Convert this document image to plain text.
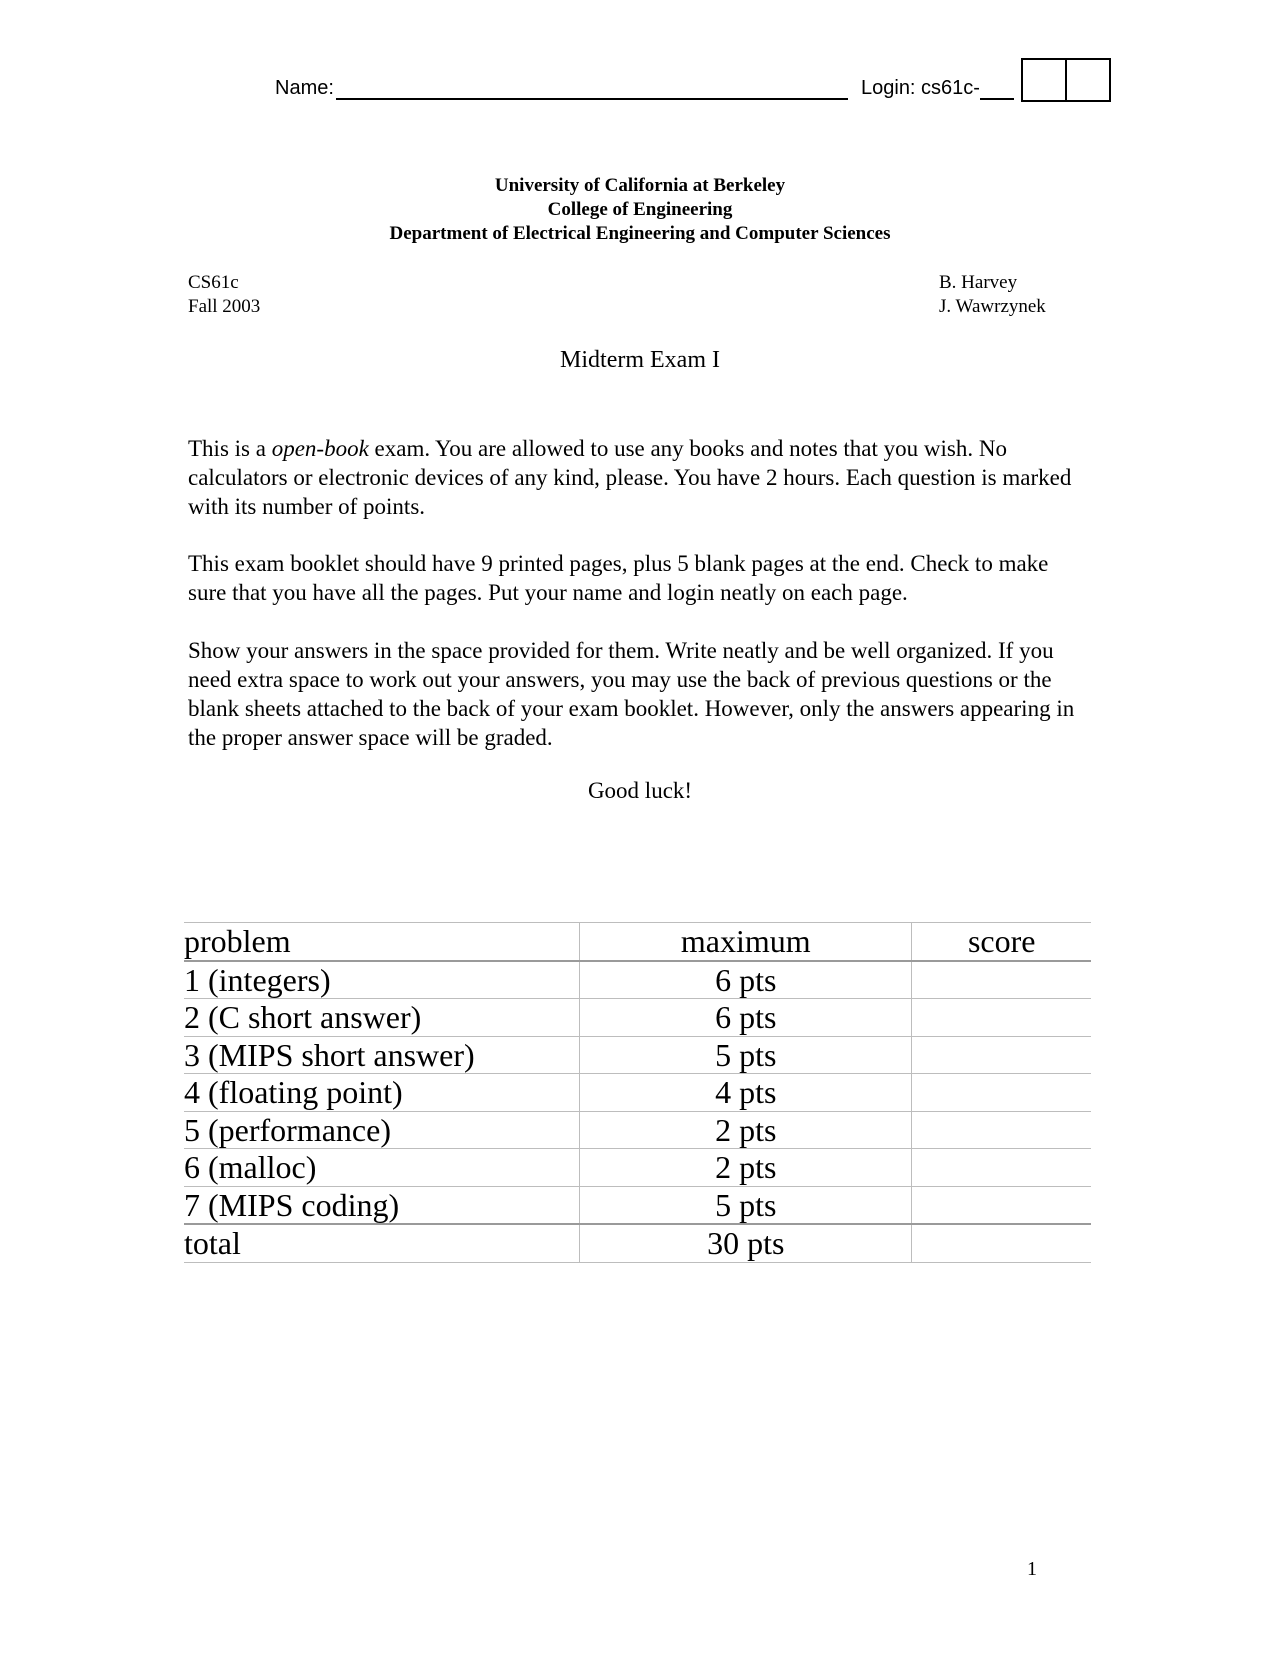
Name:	Login: cs61c-
University of California at Berkeley
College of Engineering
Department of Electrical Engineering and Computer Sciences
CS61c
Fall 2003
B. Harvey
J. Wawrzynek
Midterm Exam I

This is a open-book exam. You are allowed to use any books and notes that you wish. No calculators or electronic devices of any kind, please. You have 2 hours. Each question is marked with its number of points.

This exam booklet should have 9 printed pages, plus 5 blank pages at the end. Check to make sure that you have all the pages. Put your name and login neatly on each page.

Show your answers in the space provided for them. Write neatly and be well organized. If you need extra space to work out your answers, you may use the back of previous questions or the blank sheets attached to the back of your exam booklet. However, only the answers appearing in the proper answer space will be graded.

Good luck!
problem	maximum	score
1 (integers)	6 pts	
2 (C short answer)	6 pts	
3 (MIPS short answer)	5 pts	
4 (floating point)	4 pts	
5 (performance)	2 pts	
6 (malloc)	2 pts	
7 (MIPS coding)	5 pts	
total	30 pts	
1
